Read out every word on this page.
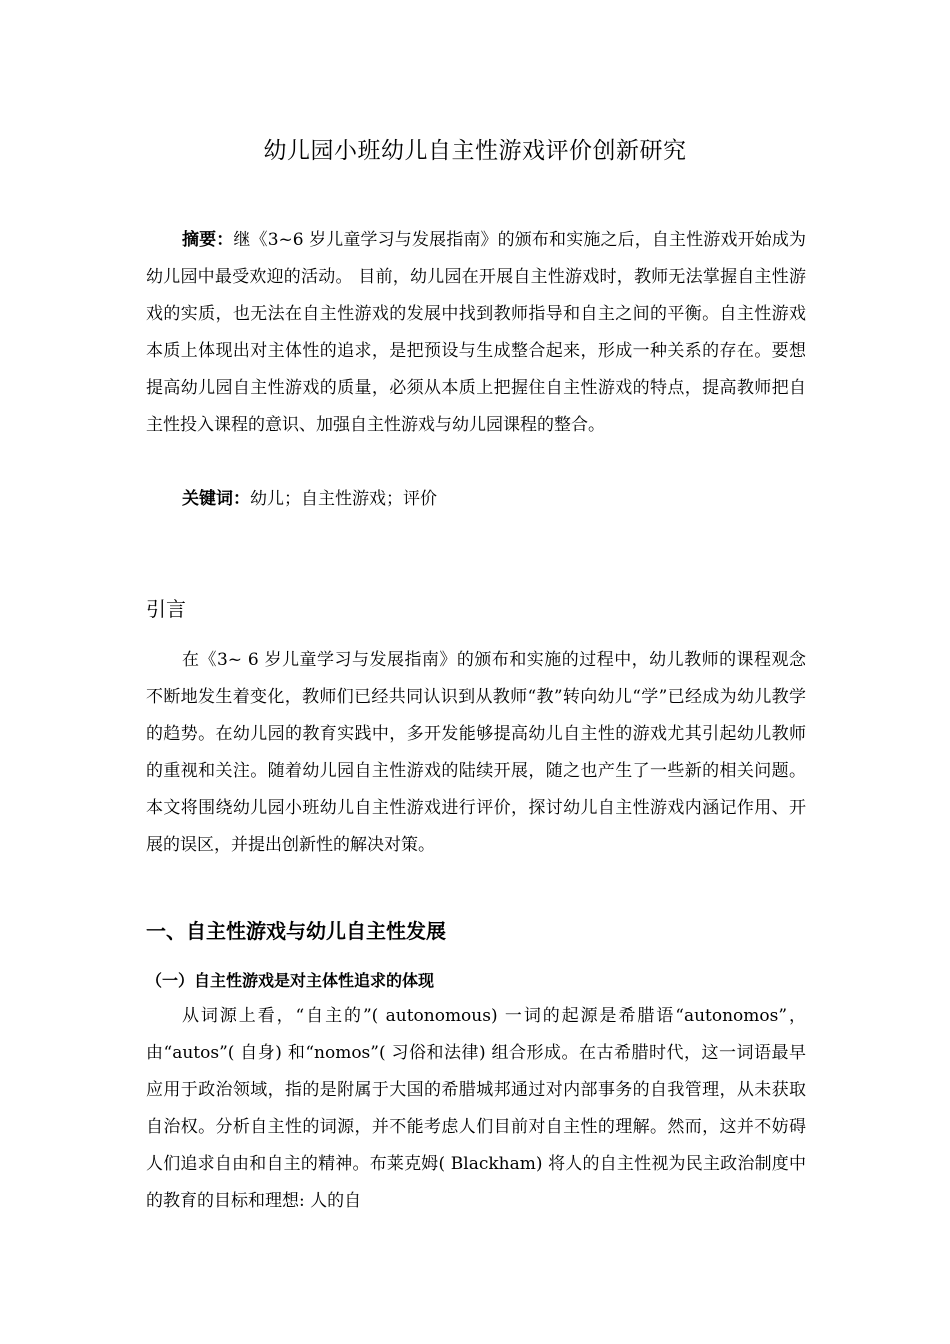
幼儿园小班幼儿自主性游戏评价创新研究

摘要：继《3~6 岁儿童学习与发展指南》的颁布和实施之后，自主性游戏开始成为幼儿园中最受欢迎的活动。 目前，幼儿园在开展自主性游戏时，教师无法掌握自主性游戏的实质，也无法在自主性游戏的发展中找到教师指导和自主之间的平衡。自主性游戏本质上体现出对主体性的追求，是把预设与生成整合起来，形成一种关系的存在。要想提高幼儿园自主性游戏的质量，必须从本质上把握住自主性游戏的特点，提高教师把自主性投入课程的意识、加强自主性游戏与幼儿园课程的整合。

关键词：幼儿；自主性游戏；评价
引言

在《3~ 6 岁儿童学习与发展指南》的颁布和实施的过程中，幼儿教师的课程观念不断地发生着变化，教师们已经共同认识到从教师“教”转向幼儿“学”已经成为幼儿教学的趋势。在幼儿园的教育实践中，多开发能够提高幼儿自主性的游戏尤其引起幼儿教师的重视和关注。随着幼儿园自主性游戏的陆续开展，随之也产生了一些新的相关问题。本文将围绕幼儿园小班幼儿自主性游戏进行评价，探讨幼儿自主性游戏内涵记作用、开展的误区，并提出创新性的解决对策。

一、自主性游戏与幼儿自主性发展
（一）自主性游戏是对主体性追求的体现

从词源上看，“自主的”( autonomous) 一词的起源是希腊语“autonomos”，由“autos”( 自身) 和“nomos”( 习俗和法律) 组合形成。在古希腊时代，这一词语最早应用于政治领域，指的是附属于大国的希腊城邦通过对内部事务的自我管理，从未获取自治权。分析自主性的词源，并不能考虑人们目前对自主性的理解。然而，这并不妨碍人们追求自由和自主的精神。布莱克姆( Blackham) 将人的自主性视为民主政治制度中的教育的目标和理想: 人的自
